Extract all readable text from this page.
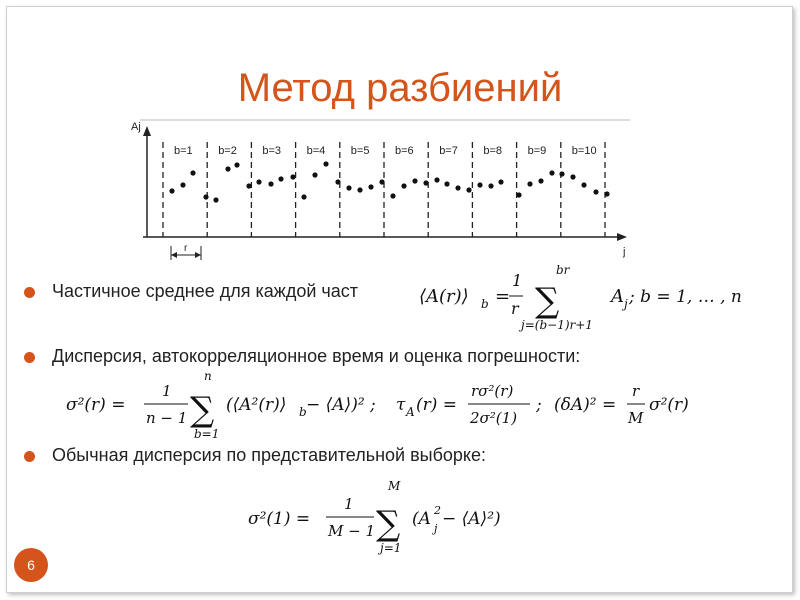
Метод разбиений
Aj
j
r
b=1 b=2 b=3 b=4 b=5 b=6 b=7 b=8 b=9 b=10
Частичное среднее для каждой част	⟨A(r)⟩ b =
1
r
br
∑
j=(b−1)r+1
A j ; b = 1, … , n
Дисперсия, автокорреляционное время и оценка погрешности:
σ²(r) =
1
n − 1
n
∑
b=1
(⟨A²(r)⟩ b − ⟨A⟩)² ; τ A (r) =
rσ²(r)
2σ²(1)
; (δA)² =
r
M
σ²(r)
Обычная дисперсия по представительной выборке:
σ²(1) =
1
M − 1
M
∑
j=1
(A 2
j − ⟨A⟩²)
6
